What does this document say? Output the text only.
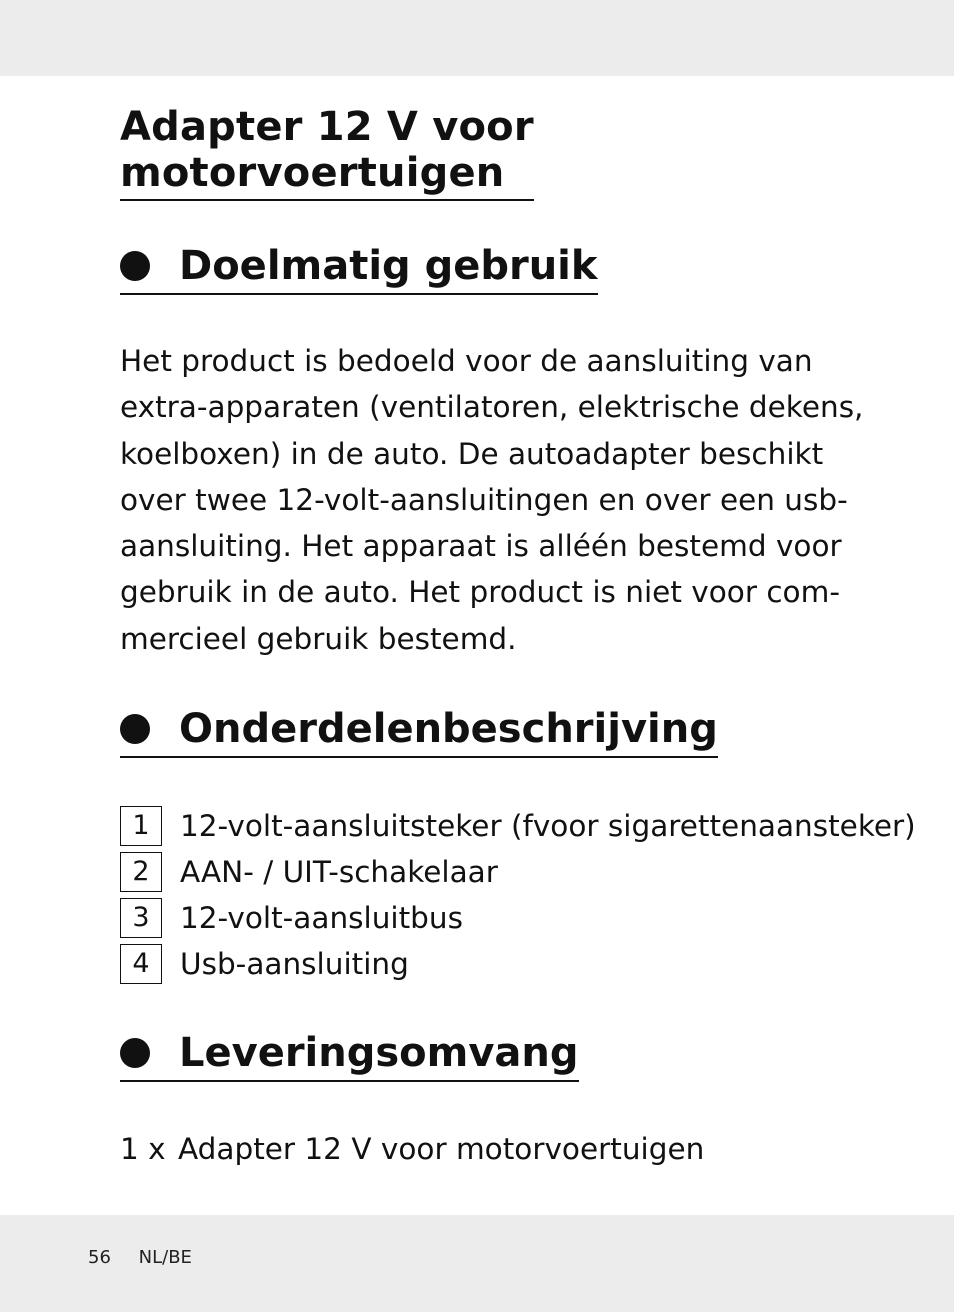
Adapter 12 V voor
motorvoertuigen
Doelmatig gebruik

Het product is bedoeld voor de aansluiting van
extra-apparaten (ventilatoren, elektrische dekens,
koelboxen) in de auto. De autoadapter beschikt
over twee 12-volt-aansluitingen en over een usb-
aansluiting. Het apparaat is alléén bestemd voor
gebruik in de auto. Het product is niet voor com-
mercieel gebruik bestemd.

Onderdelenbeschrijving
1	12-volt-aansluitsteker (fvoor sigarettenaansteker)
2	AAN- / UIT-schakelaar
3	12-volt-aansluitbus
4	Usb-aansluiting
Leveringsomvang

1 x Adapter 12 V voor motorvoertuigen

56 NL/BE
